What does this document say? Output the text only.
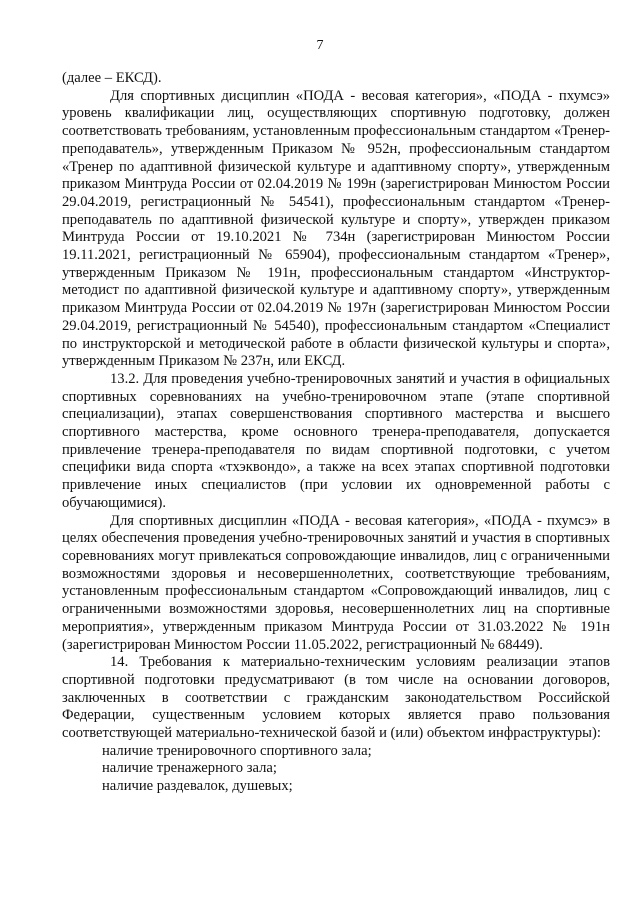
7

(далее – ЕКСД).

Для спортивных дисциплин «ПОДА - весовая категория», «ПОДА - пхумсэ» уровень квалификации лиц, осуществляющих спортивную подготовку, должен соответствовать требованиям, установленным профессиональным стандартом «Тренер-преподаватель», утвержденным Приказом № 952н, профессиональным стандартом «Тренер по адаптивной физической культуре и адаптивному спорту», утвержденным приказом Минтруда России от 02.04.2019 № 199н (зарегистрирован Минюстом России 29.04.2019, регистрационный № 54541), профессиональным стандартом «Тренер-преподаватель по адаптивной физической культуре и спорту», утвержден приказом Минтруда России от 19.10.2021 № 734н (зарегистрирован Минюстом России 19.11.2021, регистрационный № 65904), профессиональным стандартом «Тренер», утвержденным Приказом № 191н, профессиональным стандартом «Инструктор-методист по адаптивной физической культуре и адаптивному спорту», утвержденным приказом Минтруда России от 02.04.2019 № 197н (зарегистрирован Минюстом России 29.04.2019, регистрационный № 54540), профессиональным стандартом «Специалист по инструкторской и методической работе в области физической культуры и спорта», утвержденным Приказом № 237н, или ЕКСД.

13.2. Для проведения учебно-тренировочных занятий и участия в официальных спортивных соревнованиях на учебно-тренировочном этапе (этапе спортивной специализации), этапах совершенствования спортивного мастерства и высшего спортивного мастерства, кроме основного тренера-преподавателя, допускается привлечение тренера-преподавателя по видам спортивной подготовки, с учетом специфики вида спорта «тхэквондо», а также на всех этапах спортивной подготовки привлечение иных специалистов (при условии их одновременной работы с обучающимися).

Для спортивных дисциплин «ПОДА - весовая категория», «ПОДА - пхумсэ» в целях обеспечения проведения учебно-тренировочных занятий и участия в спортивных соревнованиях могут привлекаться сопровождающие инвалидов, лиц с ограниченными возможностями здоровья и несовершеннолетних, соответствующие требованиям, установленным профессиональным стандартом «Сопровождающий инвалидов, лиц с ограниченными возможностями здоровья, несовершеннолетних лиц на спортивные мероприятия», утвержденным приказом Минтруда России от 31.03.2022 № 191н (зарегистрирован Минюстом России 11.05.2022, регистрационный № 68449).

14. Требования к материально-техническим условиям реализации этапов спортивной подготовки предусматривают (в том числе на основании договоров, заключенных в соответствии с гражданским законодательством Российской Федерации, существенным условием которых является право пользования соответствующей материально-технической базой и (или) объектом инфраструктуры):

наличие тренировочного спортивного зала;

наличие тренажерного зала;

наличие раздевалок, душевых;
